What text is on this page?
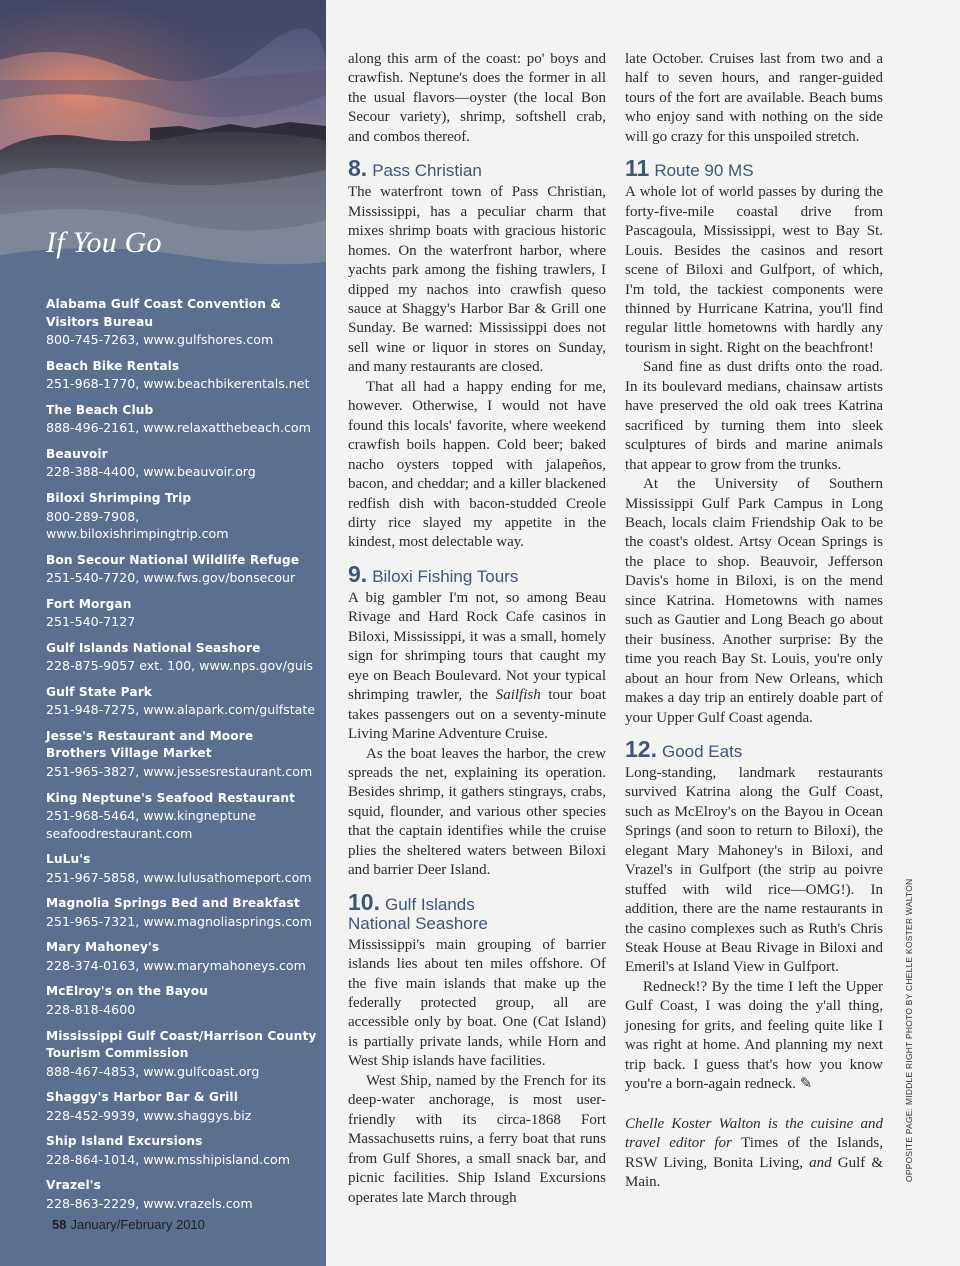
If You Go
Alabama Gulf Coast Convention & Visitors Bureau
800-745-7263, www.gulfshores.com
Beach Bike Rentals
251-968-1770, www.beachbikerentals.net
The Beach Club
888-496-2161, www.relaxatthebeach.com
Beauvoir
228-388-4400, www.beauvoir.org
Biloxi Shrimping Trip
800-289-7908, www.biloxishrimpingtrip.com
Bon Secour National Wildlife Refuge
251-540-7720, www.fws.gov/bonsecour
Fort Morgan
251-540-7127
Gulf Islands National Seashore
228-875-9057 ext. 100, www.nps.gov/guis
Gulf State Park
251-948-7275, www.alapark.com/gulfstate
Jesse's Restaurant and Moore Brothers Village Market
251-965-3827, www.jessesrestaurant.com
King Neptune's Seafood Restaurant
251-968-5464, www.kingneptune seafoodrestaurant.com
LuLu's
251-967-5858, www.lulusathomeport.com
Magnolia Springs Bed and Breakfast
251-965-7321, www.magnoliasprings.com
Mary Mahoney's
228-374-0163, www.marymahoneys.com
McElroy's on the Bayou
228-818-4600
Mississippi Gulf Coast/Harrison County Tourism Commission
888-467-4853, www.gulfcoast.org
Shaggy's Harbor Bar & Grill
228-452-9939, www.shaggys.biz
Ship Island Excursions
228-864-1014, www.msshipisland.com
Vrazel's
228-863-2229, www.vrazels.com
58 January/February 2010

along this arm of the coast: po' boys and crawfish. Neptune's does the former in all the usual flavors—oyster (the local Bon Secour variety), shrimp, softshell crab, and combos thereof.

8. Pass Christian

The waterfront town of Pass Christian, Mississippi, has a peculiar charm that mixes shrimp boats with gracious historic homes. On the waterfront harbor, where yachts park among the fishing trawlers, I dipped my nachos into crawfish queso sauce at Shaggy's Harbor Bar & Grill one Sunday. Be warned: Mississippi does not sell wine or liquor in stores on Sunday, and many restaurants are closed.

That all had a happy ending for me, however. Otherwise, I would not have found this locals' favorite, where weekend crawfish boils happen. Cold beer; baked nacho oysters topped with jalapeños, bacon, and cheddar; and a killer blackened redfish dish with bacon-studded Creole dirty rice slayed my appetite in the kindest, most delectable way.

9. Biloxi Fishing Tours

A big gambler I'm not, so among Beau Rivage and Hard Rock Cafe casinos in Biloxi, Mississippi, it was a small, homely sign for shrimping tours that caught my eye on Beach Boulevard. Not your typical shrimping trawler, the Sailfish tour boat takes passengers out on a seventy-minute Living Marine Adventure Cruise.

As the boat leaves the harbor, the crew spreads the net, explaining its operation. Besides shrimp, it gathers stingrays, crabs, squid, flounder, and various other species that the captain identifies while the cruise plies the sheltered waters between Biloxi and barrier Deer Island.

10. Gulf Islands
National Seashore

Mississippi's main grouping of barrier islands lies about ten miles offshore. Of the five main islands that make up the federally protected group, all are accessible only by boat. One (Cat Island) is partially private lands, while Horn and West Ship islands have facilities.

West Ship, named by the French for its deep-water anchorage, is most user-friendly with its circa-1868 Fort Massachusetts ruins, a ferry boat that runs from Gulf Shores, a small snack bar, and picnic facilities. Ship Island Excursions operates late March through

late October. Cruises last from two and a half to seven hours, and ranger-guided tours of the fort are available. Beach bums who enjoy sand with nothing on the side will go crazy for this unspoiled stretch.

11 Route 90 MS

A whole lot of world passes by during the forty-five-mile coastal drive from Pascagoula, Mississippi, west to Bay St. Louis. Besides the casinos and resort scene of Biloxi and Gulfport, of which, I'm told, the tackiest components were thinned by Hurricane Katrina, you'll find regular little hometowns with hardly any tourism in sight. Right on the beachfront!

Sand fine as dust drifts onto the road. In its boulevard medians, chainsaw artists have preserved the old oak trees Katrina sacrificed by turning them into sleek sculptures of birds and marine animals that appear to grow from the trunks.

At the University of Southern Mississippi Gulf Park Campus in Long Beach, locals claim Friendship Oak to be the coast's oldest. Artsy Ocean Springs is the place to shop. Beauvoir, Jefferson Davis's home in Biloxi, is on the mend since Katrina. Hometowns with names such as Gautier and Long Beach go about their business. Another surprise: By the time you reach Bay St. Louis, you're only about an hour from New Orleans, which makes a day trip an entirely doable part of your Upper Gulf Coast agenda.

12. Good Eats

Long-standing, landmark restaurants survived Katrina along the Gulf Coast, such as McElroy's on the Bayou in Ocean Springs (and soon to return to Biloxi), the elegant Mary Mahoney's in Biloxi, and Vrazel's in Gulfport (the strip au poivre stuffed with wild rice—OMG!). In addition, there are the name restaurants in the casino complexes such as Ruth's Chris Steak House at Beau Rivage in Biloxi and Emeril's at Island View in Gulfport.

Redneck!? By the time I left the Upper Gulf Coast, I was doing the y'all thing, jonesing for grits, and feeling quite like I was right at home. And planning my next trip back. I guess that's how you know you're a born-again redneck. ✎

Chelle Koster Walton is the cuisine and travel editor for Times of the Islands, RSW Living, Bonita Living, and Gulf & Main.

OPPOSITE PAGE: MIDDLE RIGHT PHOTO BY CHELLE KOSTER WALTON
